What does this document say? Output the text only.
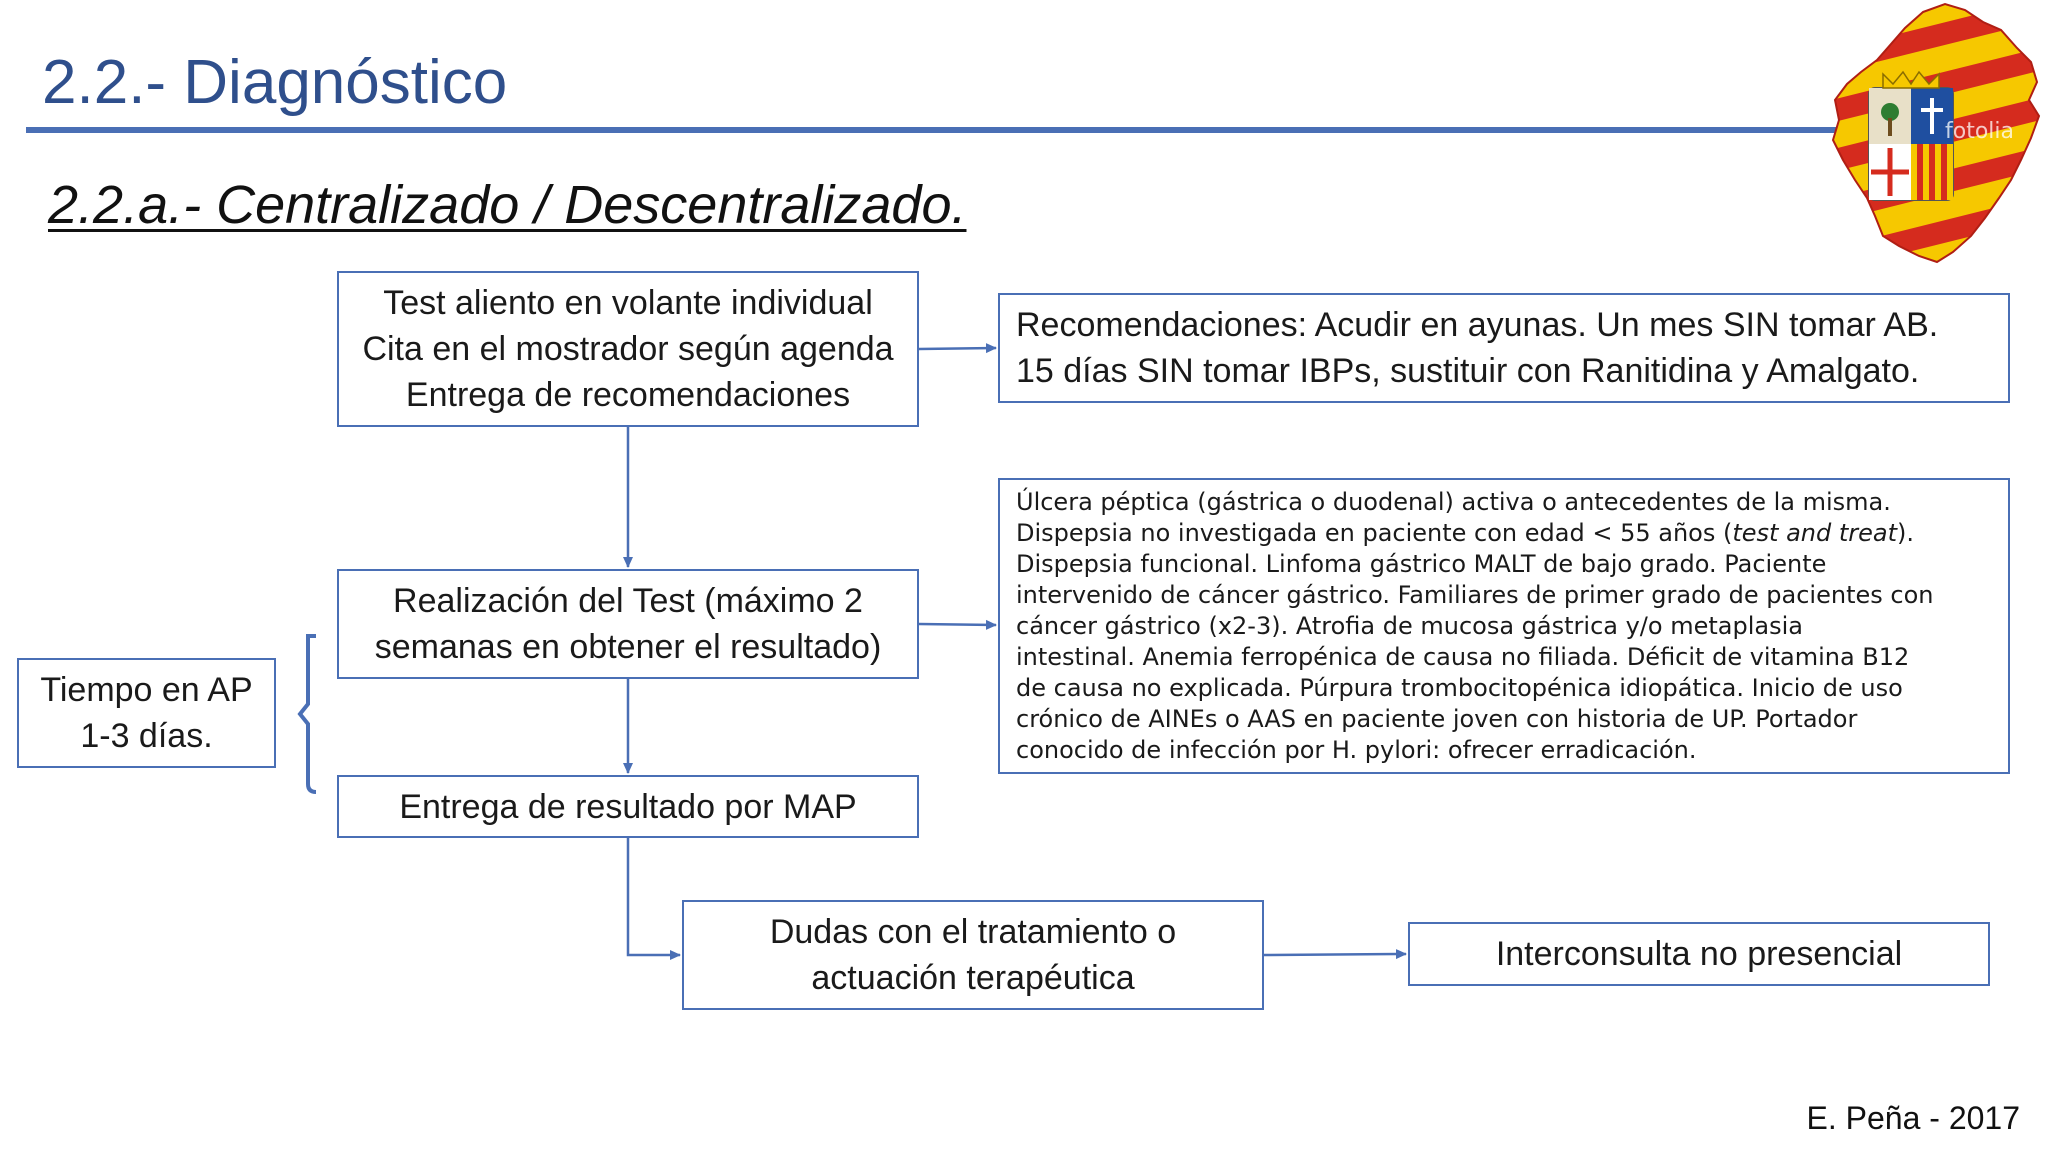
2.2.- Diagnóstico
2.2.a.- Centralizado / Descentralizado.
Test aliento en volante individual
Cita en el mostrador según agenda
Entrega de recomendaciones
Recomendaciones: Acudir en ayunas. Un mes SIN tomar AB.
15 días SIN tomar IBPs, sustituir con Ranitidina y Amalgato.
Realización del Test (máximo 2
semanas en obtener el resultado)
Úlcera péptica (gástrica o duodenal) activa o antecedentes de la misma.
Dispepsia no investigada en paciente con edad < 55 años (test and treat).
Dispepsia funcional. Linfoma gástrico MALT de bajo grado. Paciente
intervenido de cáncer gástrico. Familiares de primer grado de pacientes con
cáncer gástrico (x2-3). Atrofia de mucosa gástrica y/o metaplasia
intestinal. Anemia ferropénica de causa no filiada. Déficit de vitamina B12
de causa no explicada. Púrpura trombocitopénica idiopática. Inicio de uso
crónico de AINEs o AAS en paciente joven con historia de UP. Portador
conocido de infección por H. pylori: ofrecer erradicación.
Tiempo en AP
1-3 días.
Entrega de resultado por MAP
Dudas con el tratamiento o
actuación terapéutica
Interconsulta no presencial
fotolia
E. Peña - 2017
